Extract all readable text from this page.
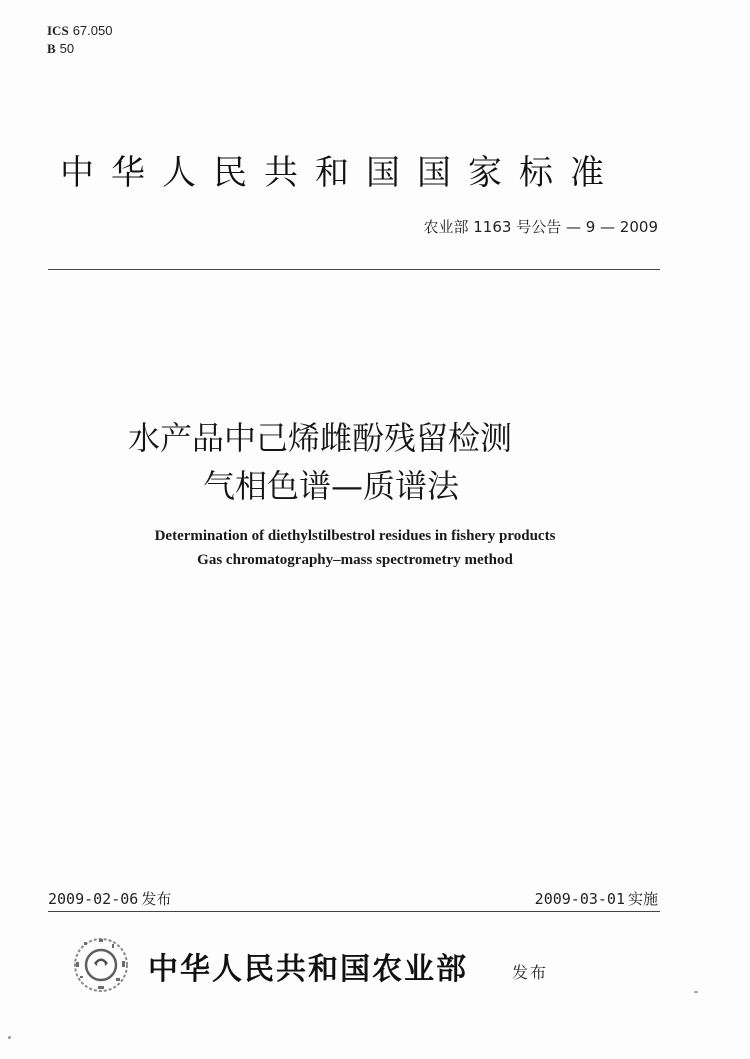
ICS 67.050
B 50
中华人民共和国国家标准
农业部 1163 号公告 — 9 — 2009
水产品中己烯雌酚残留检测
气相色谱—质谱法
Determination of diethylstilbestrol residues in fishery products
Gas chromatography–mass spectrometry method
2009-02-06 发布	2009-03-01 实施
中华人民共和国农业部	发布
